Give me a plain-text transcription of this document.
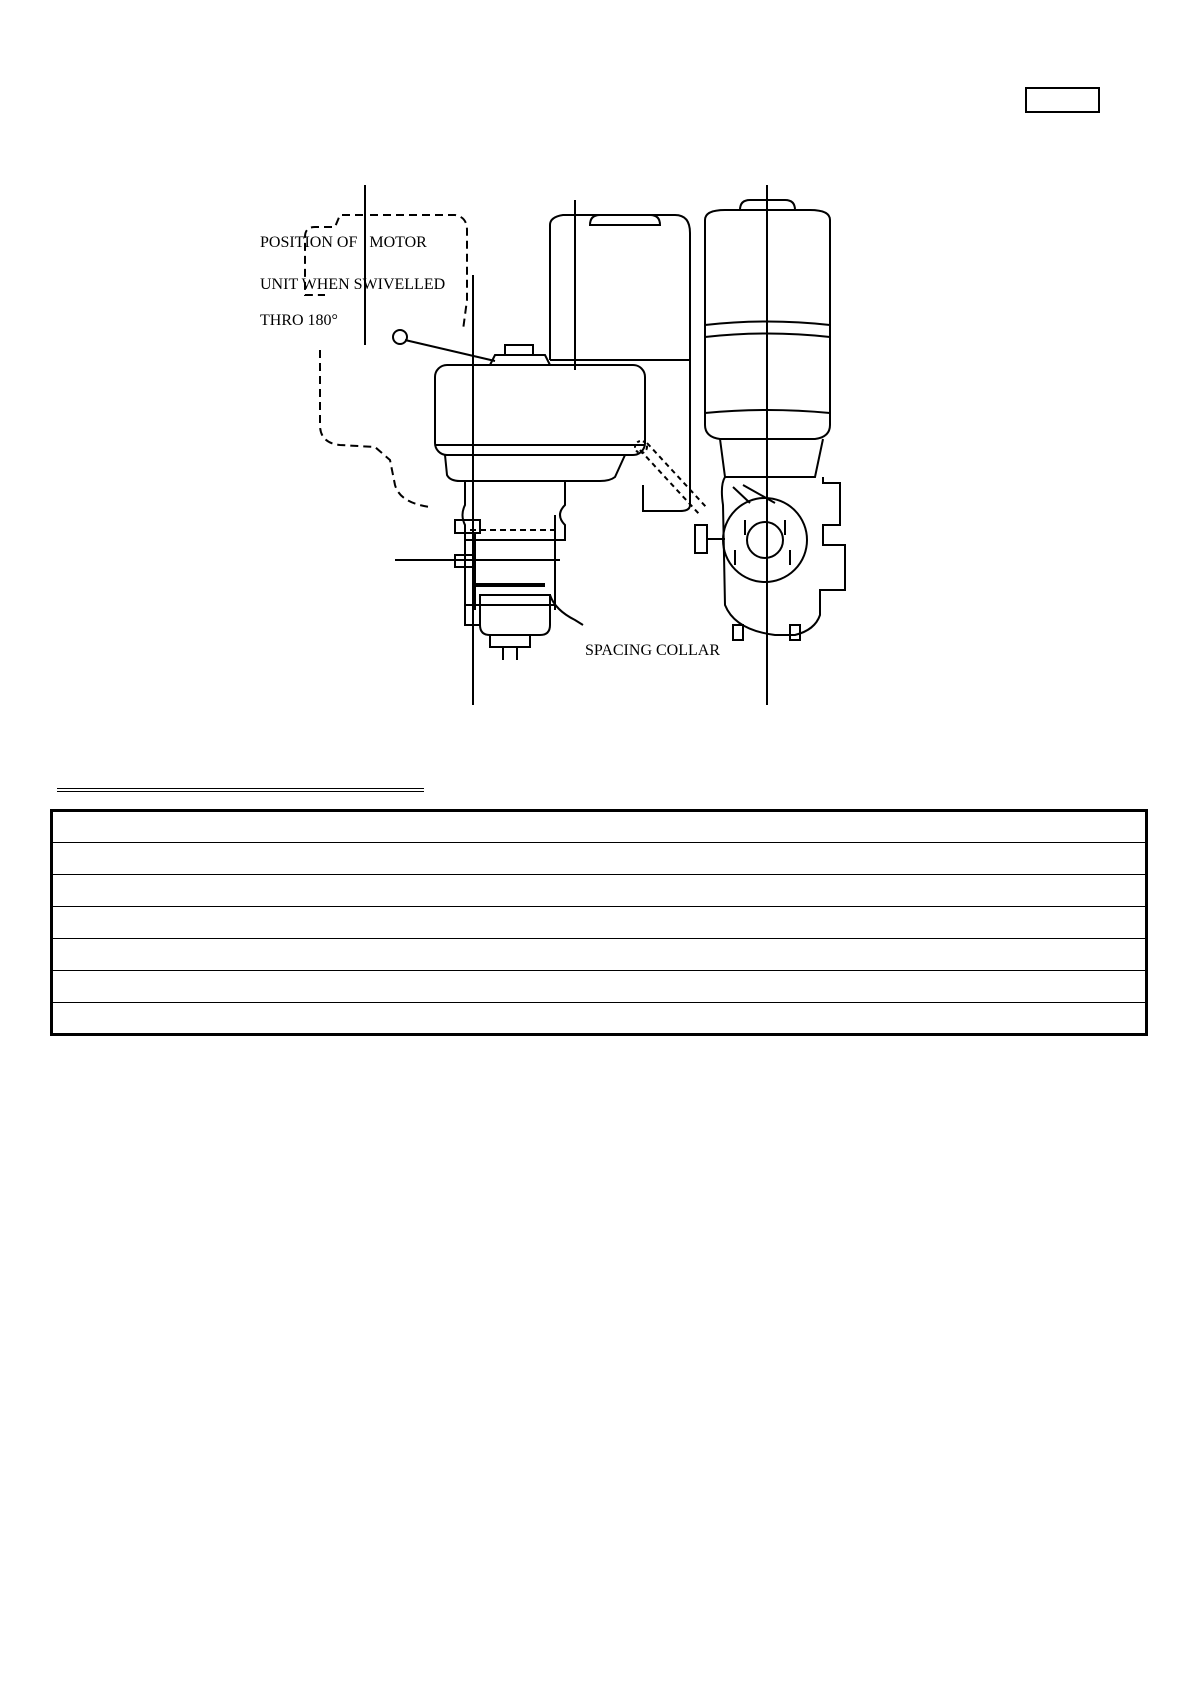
POSITION OF   MOTOR
UNIT WHEN SWIVELLED
THRO 180°
SPACING COLLAR
